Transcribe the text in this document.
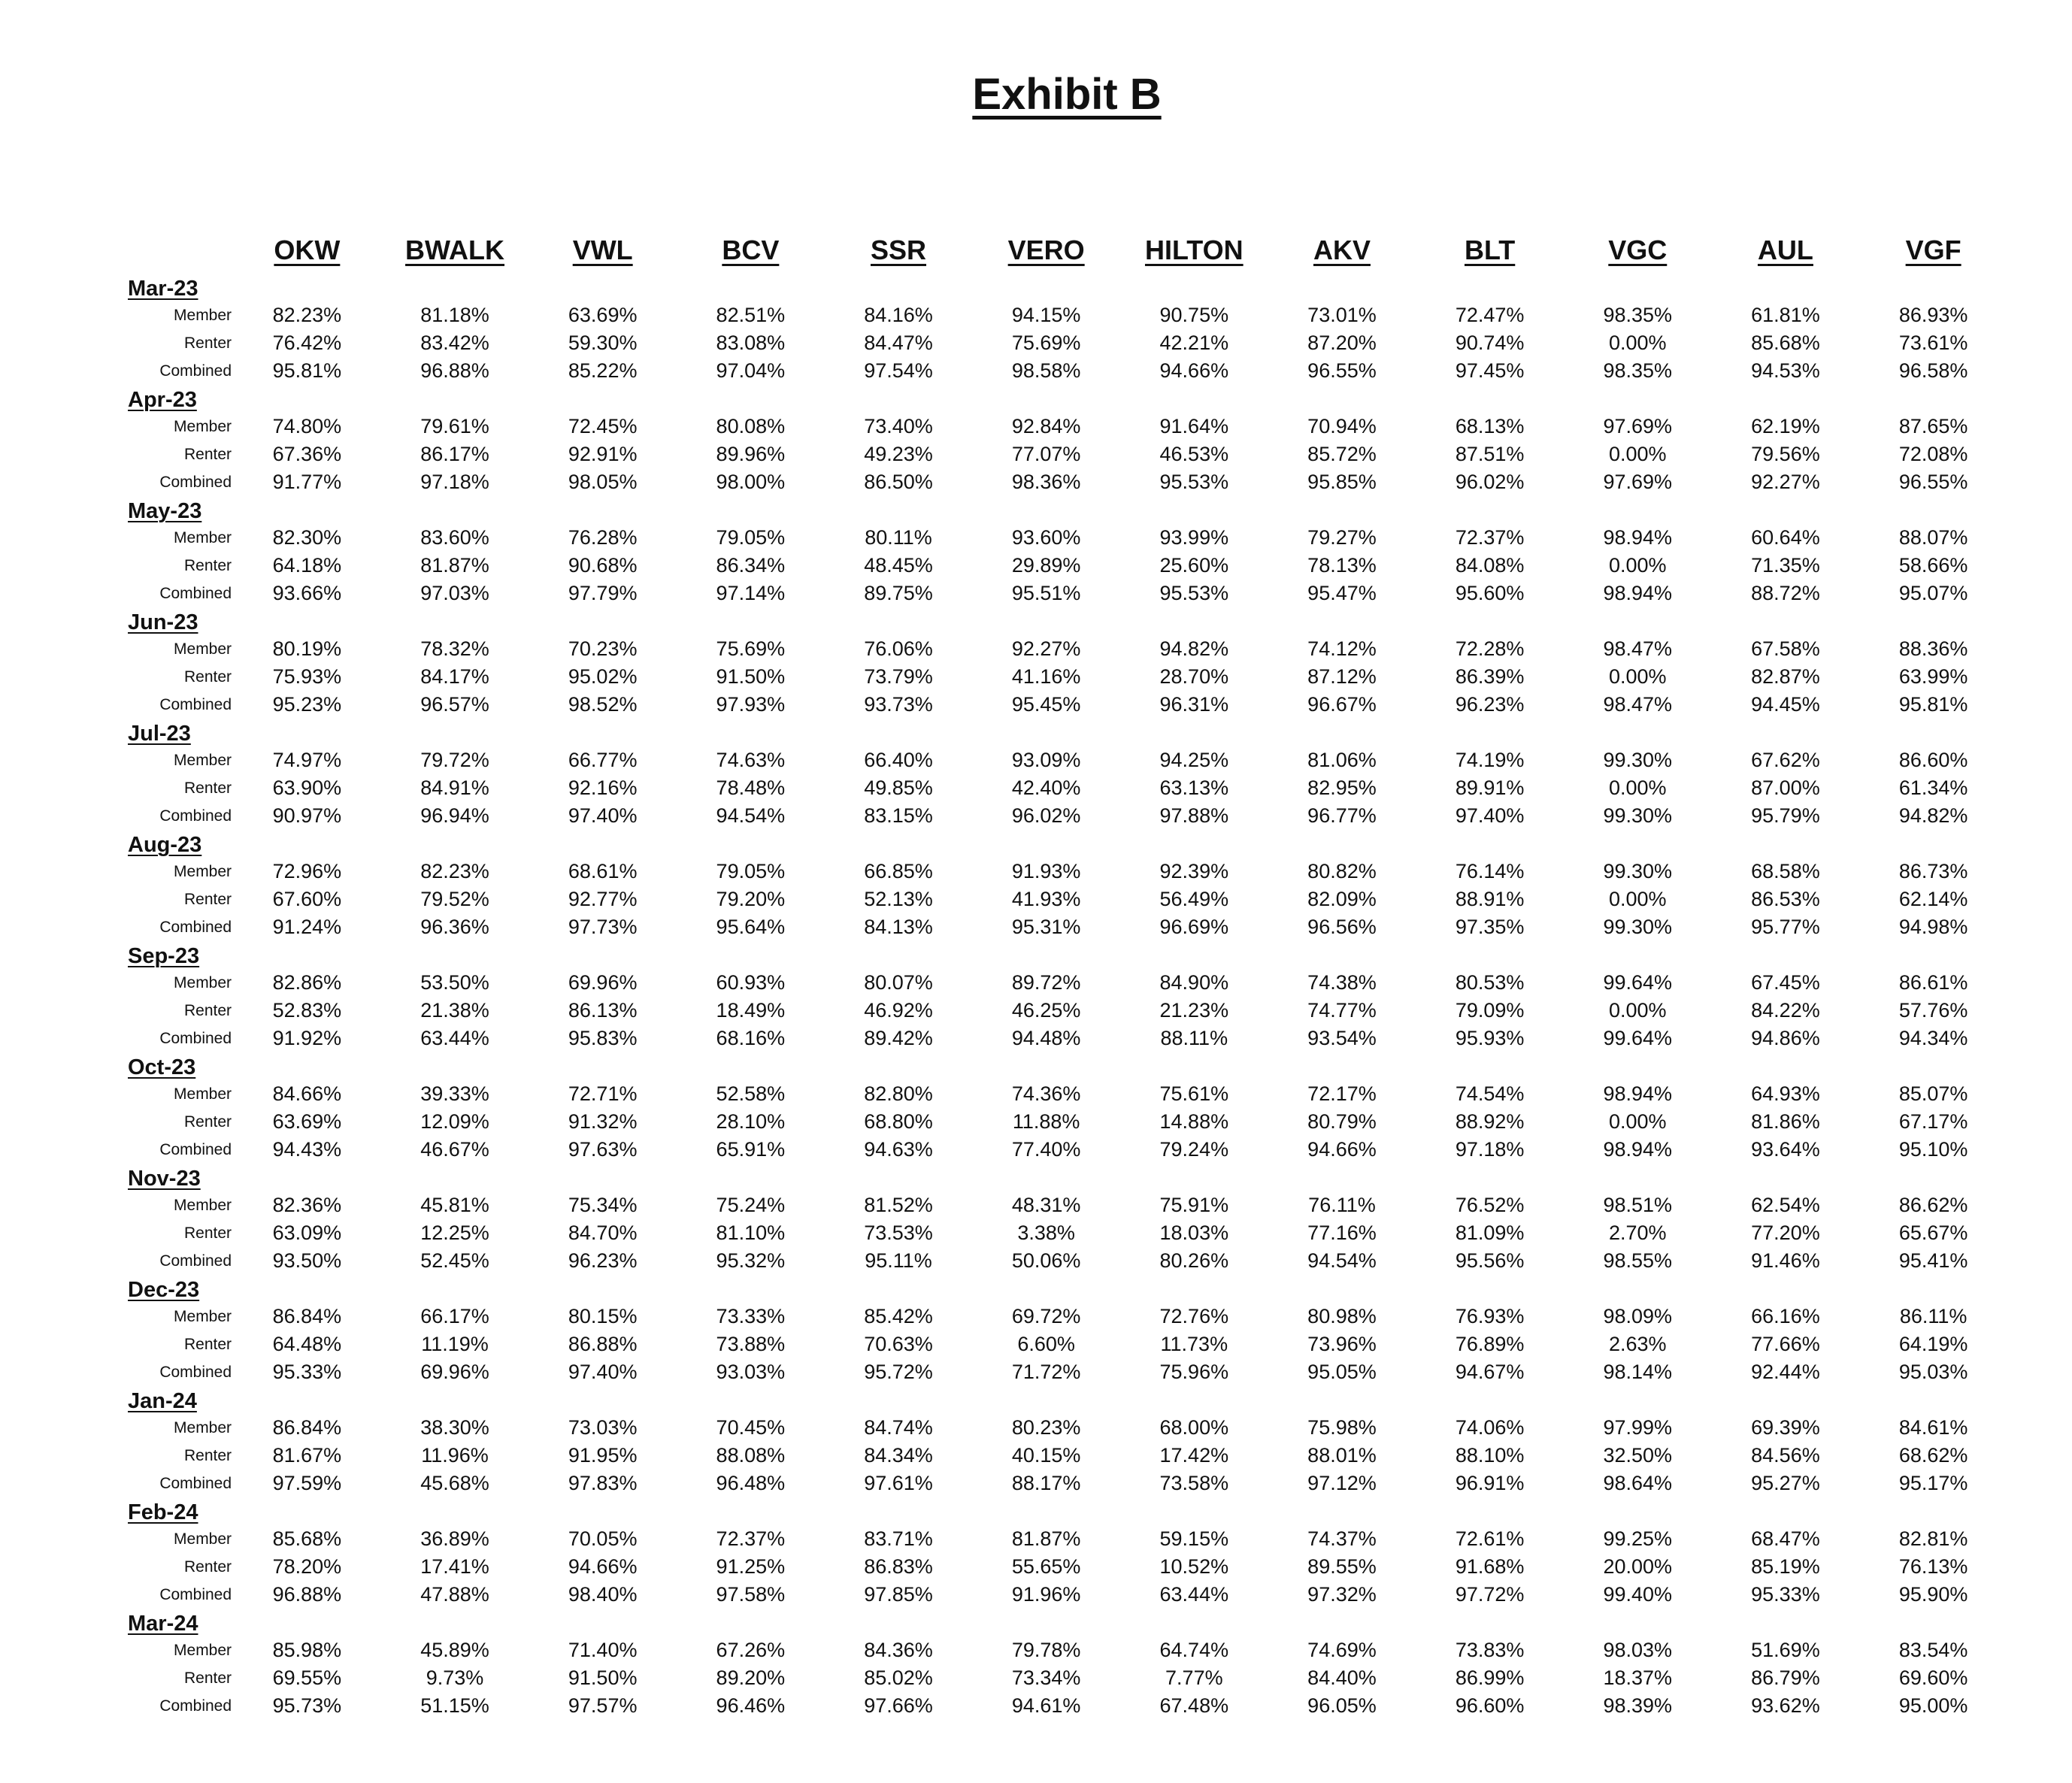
Exhibit B
	OKW	BWALK	VWL	BCV	SSR	VERO	HILTON	AKV	BLT	VGC	AUL	VGF
Mar-23												
Member	82.23%	81.18%	63.69%	82.51%	84.16%	94.15%	90.75%	73.01%	72.47%	98.35%	61.81%	86.93%
Renter	76.42%	83.42%	59.30%	83.08%	84.47%	75.69%	42.21%	87.20%	90.74%	0.00%	85.68%	73.61%
Combined	95.81%	96.88%	85.22%	97.04%	97.54%	98.58%	94.66%	96.55%	97.45%	98.35%	94.53%	96.58%
Apr-23												
Member	74.80%	79.61%	72.45%	80.08%	73.40%	92.84%	91.64%	70.94%	68.13%	97.69%	62.19%	87.65%
Renter	67.36%	86.17%	92.91%	89.96%	49.23%	77.07%	46.53%	85.72%	87.51%	0.00%	79.56%	72.08%
Combined	91.77%	97.18%	98.05%	98.00%	86.50%	98.36%	95.53%	95.85%	96.02%	97.69%	92.27%	96.55%
May-23												
Member	82.30%	83.60%	76.28%	79.05%	80.11%	93.60%	93.99%	79.27%	72.37%	98.94%	60.64%	88.07%
Renter	64.18%	81.87%	90.68%	86.34%	48.45%	29.89%	25.60%	78.13%	84.08%	0.00%	71.35%	58.66%
Combined	93.66%	97.03%	97.79%	97.14%	89.75%	95.51%	95.53%	95.47%	95.60%	98.94%	88.72%	95.07%
Jun-23												
Member	80.19%	78.32%	70.23%	75.69%	76.06%	92.27%	94.82%	74.12%	72.28%	98.47%	67.58%	88.36%
Renter	75.93%	84.17%	95.02%	91.50%	73.79%	41.16%	28.70%	87.12%	86.39%	0.00%	82.87%	63.99%
Combined	95.23%	96.57%	98.52%	97.93%	93.73%	95.45%	96.31%	96.67%	96.23%	98.47%	94.45%	95.81%
Jul-23												
Member	74.97%	79.72%	66.77%	74.63%	66.40%	93.09%	94.25%	81.06%	74.19%	99.30%	67.62%	86.60%
Renter	63.90%	84.91%	92.16%	78.48%	49.85%	42.40%	63.13%	82.95%	89.91%	0.00%	87.00%	61.34%
Combined	90.97%	96.94%	97.40%	94.54%	83.15%	96.02%	97.88%	96.77%	97.40%	99.30%	95.79%	94.82%
Aug-23												
Member	72.96%	82.23%	68.61%	79.05%	66.85%	91.93%	92.39%	80.82%	76.14%	99.30%	68.58%	86.73%
Renter	67.60%	79.52%	92.77%	79.20%	52.13%	41.93%	56.49%	82.09%	88.91%	0.00%	86.53%	62.14%
Combined	91.24%	96.36%	97.73%	95.64%	84.13%	95.31%	96.69%	96.56%	97.35%	99.30%	95.77%	94.98%
Sep-23												
Member	82.86%	53.50%	69.96%	60.93%	80.07%	89.72%	84.90%	74.38%	80.53%	99.64%	67.45%	86.61%
Renter	52.83%	21.38%	86.13%	18.49%	46.92%	46.25%	21.23%	74.77%	79.09%	0.00%	84.22%	57.76%
Combined	91.92%	63.44%	95.83%	68.16%	89.42%	94.48%	88.11%	93.54%	95.93%	99.64%	94.86%	94.34%
Oct-23												
Member	84.66%	39.33%	72.71%	52.58%	82.80%	74.36%	75.61%	72.17%	74.54%	98.94%	64.93%	85.07%
Renter	63.69%	12.09%	91.32%	28.10%	68.80%	11.88%	14.88%	80.79%	88.92%	0.00%	81.86%	67.17%
Combined	94.43%	46.67%	97.63%	65.91%	94.63%	77.40%	79.24%	94.66%	97.18%	98.94%	93.64%	95.10%
Nov-23												
Member	82.36%	45.81%	75.34%	75.24%	81.52%	48.31%	75.91%	76.11%	76.52%	98.51%	62.54%	86.62%
Renter	63.09%	12.25%	84.70%	81.10%	73.53%	3.38%	18.03%	77.16%	81.09%	2.70%	77.20%	65.67%
Combined	93.50%	52.45%	96.23%	95.32%	95.11%	50.06%	80.26%	94.54%	95.56%	98.55%	91.46%	95.41%
Dec-23												
Member	86.84%	66.17%	80.15%	73.33%	85.42%	69.72%	72.76%	80.98%	76.93%	98.09%	66.16%	86.11%
Renter	64.48%	11.19%	86.88%	73.88%	70.63%	6.60%	11.73%	73.96%	76.89%	2.63%	77.66%	64.19%
Combined	95.33%	69.96%	97.40%	93.03%	95.72%	71.72%	75.96%	95.05%	94.67%	98.14%	92.44%	95.03%
Jan-24												
Member	86.84%	38.30%	73.03%	70.45%	84.74%	80.23%	68.00%	75.98%	74.06%	97.99%	69.39%	84.61%
Renter	81.67%	11.96%	91.95%	88.08%	84.34%	40.15%	17.42%	88.01%	88.10%	32.50%	84.56%	68.62%
Combined	97.59%	45.68%	97.83%	96.48%	97.61%	88.17%	73.58%	97.12%	96.91%	98.64%	95.27%	95.17%
Feb-24												
Member	85.68%	36.89%	70.05%	72.37%	83.71%	81.87%	59.15%	74.37%	72.61%	99.25%	68.47%	82.81%
Renter	78.20%	17.41%	94.66%	91.25%	86.83%	55.65%	10.52%	89.55%	91.68%	20.00%	85.19%	76.13%
Combined	96.88%	47.88%	98.40%	97.58%	97.85%	91.96%	63.44%	97.32%	97.72%	99.40%	95.33%	95.90%
Mar-24												
Member	85.98%	45.89%	71.40%	67.26%	84.36%	79.78%	64.74%	74.69%	73.83%	98.03%	51.69%	83.54%
Renter	69.55%	9.73%	91.50%	89.20%	85.02%	73.34%	7.77%	84.40%	86.99%	18.37%	86.79%	69.60%
Combined	95.73%	51.15%	97.57%	96.46%	97.66%	94.61%	67.48%	96.05%	96.60%	98.39%	93.62%	95.00%
